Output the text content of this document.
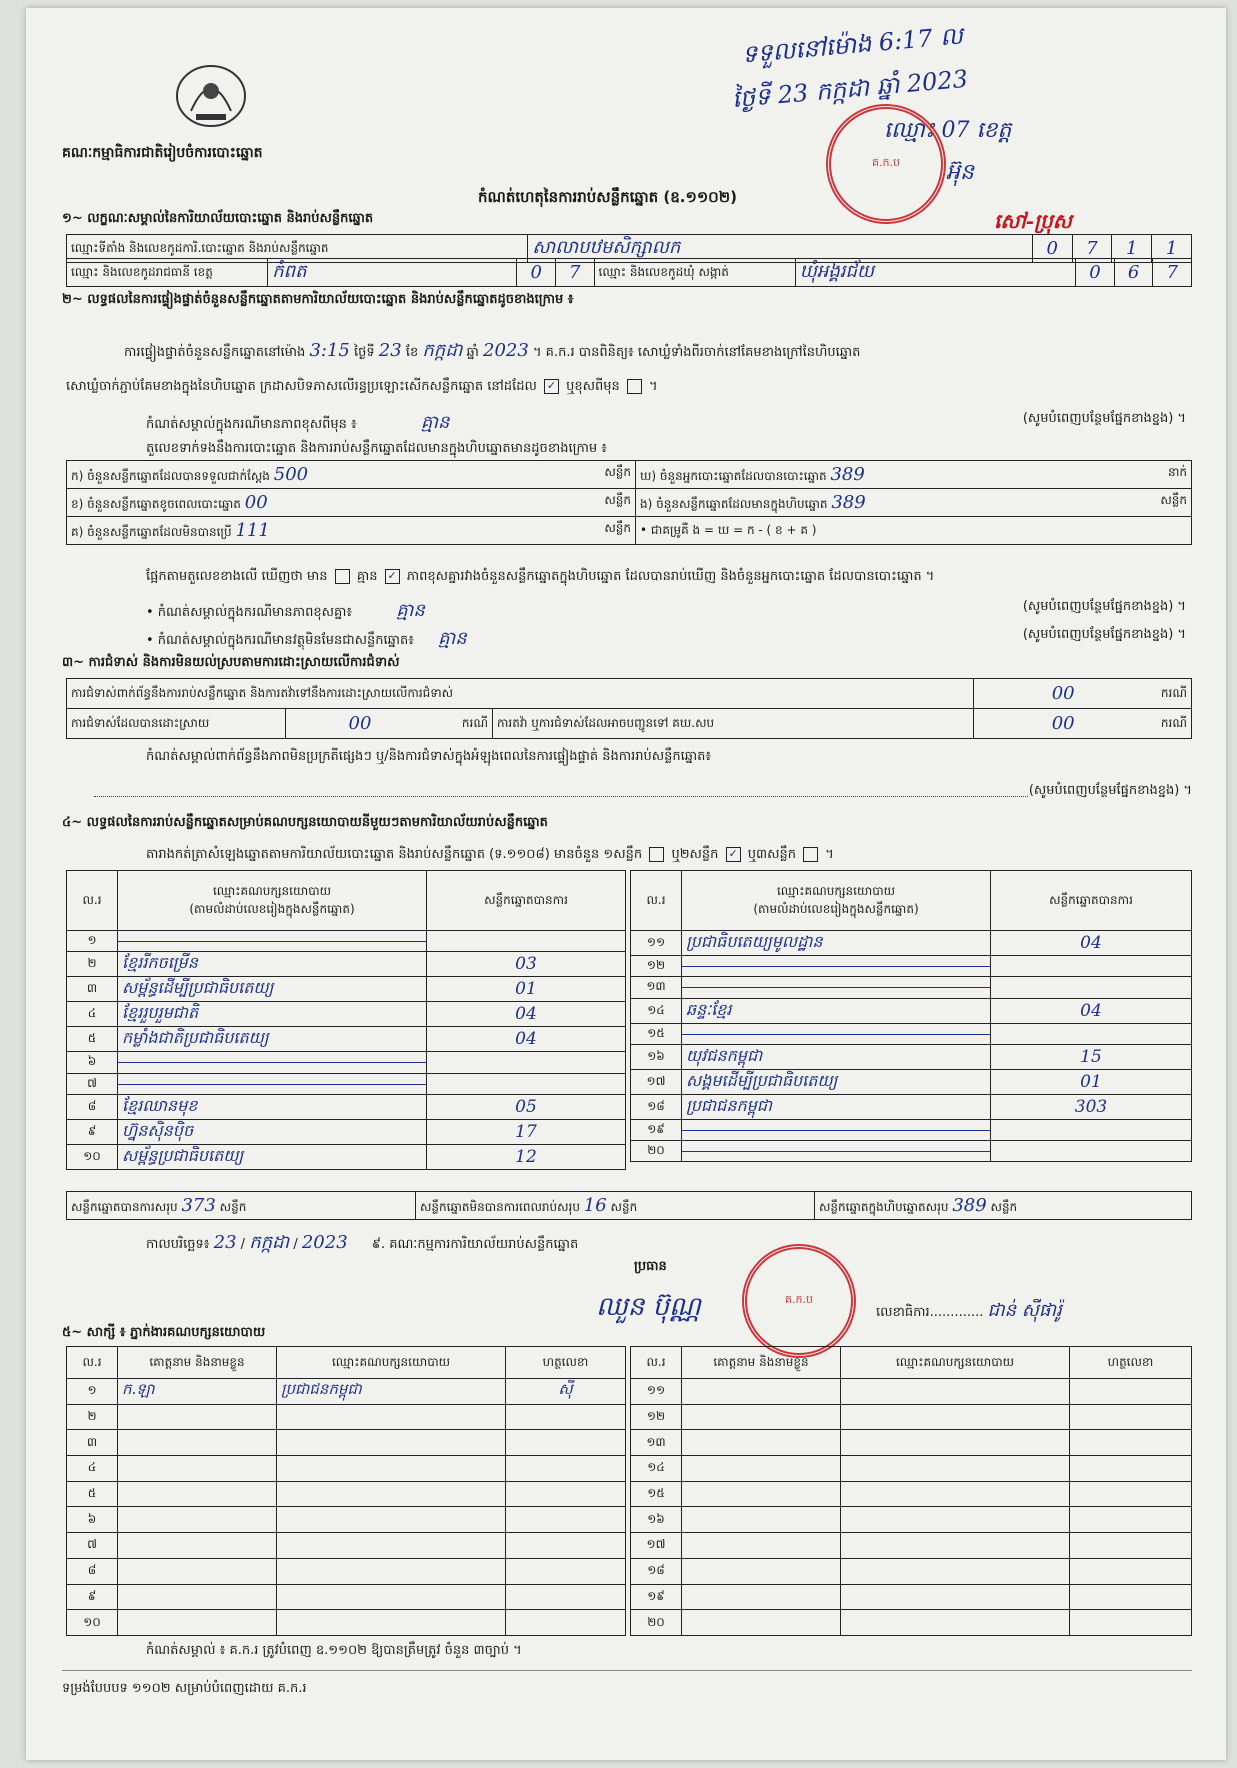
គណៈកម្មាធិការជាតិរៀបចំការបោះឆ្នោត
កំណត់ហេតុនៃការរាប់សន្លឹកឆ្នោត (ឧ.១១០២)
១~ លក្ខណៈសម្គាល់នៃការិយាល័យបោះឆ្នោត និងរាប់សន្លឹកឆ្នោត
ទទួលនៅម៉ោង 6:17 ល
ថ្ងៃទី 23 កក្កដា ឆ្នាំ 2023
ឈ្មោះ 07 ខេត្ត
អ៊ុន
សៅ-ប្រុស
គ.ក.ប
ឈ្មោះទីតាំង និងលេខកូដការិ.បោះឆ្នោត និងរាប់សន្លឹកឆ្នោត	សាលាបឋមសិក្សាលក	0	7	1	1
ឈ្មោះ និងលេខកូដរាជធានី ខេត្ត	កំពត	0	7	ឈ្មោះ និងលេខកូដឃុំ សង្កាត់	ឃុំអង្គរជ័យ	0	6	7
២~ លទ្ធផលនៃការផ្ទៀងផ្ទាត់ចំនួនសន្លឹកឆ្នោតតាមការិយាល័យបោះឆ្នោត និងរាប់សន្លឹកឆ្នោតដូចខាងក្រោម ៖
ការផ្ទៀងផ្ទាត់ចំនួនសន្លឹកឆ្នោតនៅម៉ោង 3:15 ថ្ងៃទី 23 ខែ កក្កដា ឆ្នាំ 2023 ។ គ.ក.រ បានពិនិត្យ៖ សោឃ្លំទាំងពីរចាក់នៅគែមខាងក្រៅនៃហិបឆ្នោត
សោឃ្លំចាក់ភ្ជាប់គែមខាងក្នុងនៃហិបឆ្នោត ក្រដាសបិទភាសលើរន្ធប្រឡោះសើកសន្លឹកឆ្នោត នៅដដែល ✓ ឬខុសពីមុន  ។
កំណត់សម្គាល់ក្នុងករណីមានភាពខុសពីមុន ៖	គ្មាន	(សូមបំពេញបន្ថែមផ្នែកខាងខ្នង) ។
តួលេខទាក់ទងនឹងការបោះឆ្នោត និងការរាប់សន្លឹកឆ្នោតដែលមានក្នុងហិបឆ្នោតមានដូចខាងក្រោម ៖
ក) ចំនួនសន្លឹកឆ្នោតដែលបានទទួលជាក់ស្តែង 500 សន្លឹក	ឃ) ចំនួនអ្នកបោះឆ្នោតដែលបានបោះឆ្នោត 389 នាក់

ខ) ចំនួនសន្លឹកឆ្នោតខូចពេលបោះឆ្នោត 00 សន្លឹក	ង) ចំនួនសន្លឹកឆ្នោតដែលមានក្នុងហិបឆ្នោត 389 សន្លឹក

គ) ចំនួនសន្លឹកឆ្នោតដែលមិនបានប្រើ 111 សន្លឹក	• ជាគម្រូគឺ ង = ឃ = ក - ( ខ + គ )
ផ្អែកតាមតួលេខខាងលើ ឃើញថា មាន គ្មាន ✓ ភាពខុសគ្នារវាងចំនួនសន្លឹកឆ្នោតក្នុងហិបឆ្នោត ដែលបានរាប់ឃើញ និងចំនួនអ្នកបោះឆ្នោត ដែលបានបោះឆ្នោត ។
• កំណត់សម្គាល់ក្នុងករណីមានភាពខុសគ្នា៖ គ្មាន	(សូមបំពេញបន្ថែមផ្នែកខាងខ្នង) ។
• កំណត់សម្គាល់ក្នុងករណីមានវត្ថុមិនមែនជាសន្លឹកឆ្នោត៖ គ្មាន	(សូមបំពេញបន្ថែមផ្នែកខាងខ្នង) ។
៣~ ការជំទាស់ និងការមិនយល់ស្របតាមការដោះស្រាយលើការជំទាស់
ការជំទាស់ពាក់ព័ន្ធនឹងការរាប់សន្លឹកឆ្នោត និងការតវ៉ាទៅនឹងការដោះស្រាយលើការជំទាស់				00	ករណី
ការជំទាស់ដែលបានដោះស្រាយ	00	ករណី	ការតវ៉ា ឬការជំទាស់ដែលអាចបញ្ជូនទៅ គឃ.សប	00	ករណី
កំណត់សម្គាល់ពាក់ព័ន្ធនឹងភាពមិនប្រក្រតីផ្សេងៗ ឬ/និងការជំទាស់ក្នុងអំឡុងពេលនៃការផ្ទៀងផ្ទាត់ និងការរាប់សន្លឹកឆ្នោត៖
(សូមបំពេញបន្ថែមផ្នែកខាងខ្នង) ។
៤~ លទ្ធផលនៃការរាប់សន្លឹកឆ្នោតសម្រាប់គណបក្សនយោបាយនីមួយៗតាមការិយាល័យរាប់សន្លឹកឆ្នោត
តារាងកត់ត្រាសំឡេងឆ្នោតតាមការិយាល័យបោះឆ្នោត និងរាប់សន្លឹកឆ្នោត (ទ.១១០៨) មានចំនួន ១សន្លឹក ឬ២សន្លឹក ✓ ឬ៣សន្លឹក  ។
ល.រ	ឈ្មោះគណបក្សនយោបាយ
(តាមលំដាប់លេខរៀងក្នុងសន្លឹកឆ្នោត)	សន្លឹកឆ្នោតបានការ
១	

២	ខ្មែររីកចម្រើន	03
៣	សម្ព័ន្ធដើម្បីប្រជាធិបតេយ្យ	01
៤	ខ្មែររួបរួមជាតិ	04
៥	កម្លាំងជាតិប្រជាធិបតេយ្យ	04
៦	

៧	

៨	ខ្មែរឈានមុខ	05
៩	ហ្វ៊ុនស៊ិនប៉ិច	17
១០	សម្ព័ន្ធប្រជាធិបតេយ្យ	12
ល.រ	ឈ្មោះគណបក្សនយោបាយ
(តាមលំដាប់លេខរៀងក្នុងសន្លឹកឆ្នោត)	សន្លឹកឆ្នោតបានការ
១១	ប្រជាធិបតេយ្យមូលដ្ឋាន	04
១២	

១៣	

១៤	ឆន្ទៈខ្មែរ	04
១៥	

១៦	យុវជនកម្ពុជា	15
១៧	សង្គមដើម្បីប្រជាធិបតេយ្យ	01
១៨	ប្រជាជនកម្ពុជា	303
១៩	

២០	

សន្លឹកឆ្នោតបានការសរុប 373 សន្លឹក	សន្លឹកឆ្នោតមិនបានការពេលរាប់សរុប 16 សន្លឹក	សន្លឹកឆ្នោតក្នុងហិបឆ្នោតសរុប 389 សន្លឹក
កាលបរិច្ឆេទ៖ 23 / កក្កដា / 2023 ៩. គណៈកម្មការការិយាល័យរាប់សន្លឹកឆ្នោត
ប្រធាន
ឈួន ប៊ុណ្ណ	គ.ក.ប
លេខាធិការ............. ជាន់ ស៊ីផារ៉ូ
៥~ សាក្សី ៖ ភ្នាក់ងារគណបក្សនយោបាយ
ល.រ	គោត្តនាម និងនាមខ្លួន	ឈ្មោះគណបក្សនយោបាយ	ហត្ថលេខា
១	ក.ឡា	ប្រជាជនកម្ពុជា	ស៊ី
២			
៣			
៤			
៥			
៦			
៧			
៨			
៩			
១០			
ល.រ	គោត្តនាម និងនាមខ្លួន	ឈ្មោះគណបក្សនយោបាយ	ហត្ថលេខា
១១			
១២			
១៣			
១៤			
១៥			
១៦			
១៧			
១៨			
១៩			
២០			
កំណត់សម្គាល់ ៖ គ.ក.រ ត្រូវបំពេញ ឧ.១១០២ ឱ្យបានត្រឹមត្រូវ ចំនួន ៣ច្បាប់ ។
ទម្រង់បែបបទ ១១០២ សម្រាប់បំពេញដោយ គ.ក.រ
